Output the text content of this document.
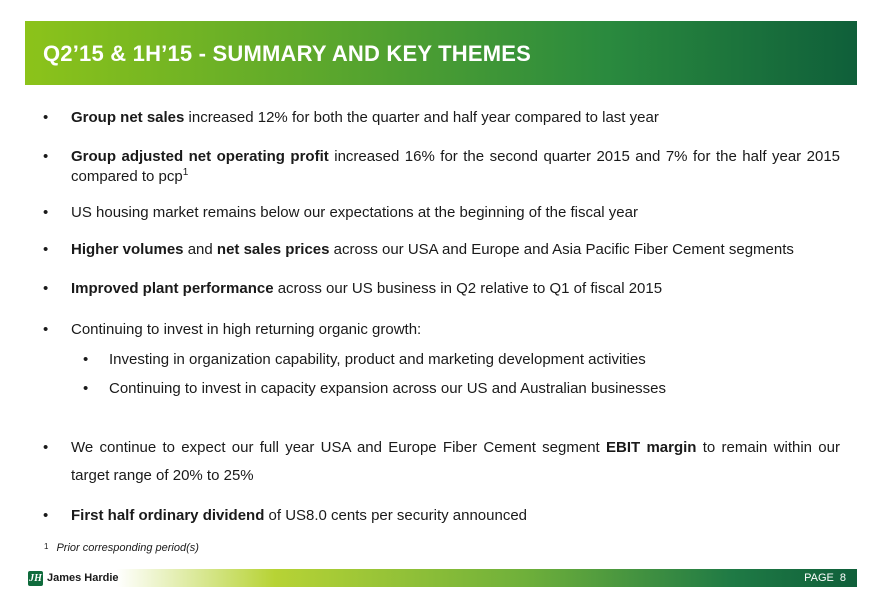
Q2’15 & 1H’15 - SUMMARY AND KEY THEMES
• Group net sales increased 12% for both the quarter and half year compared to last year
• Group adjusted net operating profit increased 16% for the second quarter 2015 and 7% for the half year 2015 compared to pcp$^1$
• US housing market remains below our expectations at the beginning of the fiscal year
• Higher volumes and net sales prices across our USA and Europe and Asia Pacific Fiber Cement segments
• Improved plant performance across our US business in Q2 relative to Q1 of fiscal 2015
• Continuing to invest in high returning organic growth:
• Investing in organization capability, product and marketing development activities
• Continuing to invest in capacity expansion across our US and Australian businesses
• We continue to expect our full year USA and Europe Fiber Cement segment EBIT margin to remain within our target range of 20% to 25%
• First half ordinary dividend of US8.0 cents per security announced
$^1$ Prior corresponding period(s)
JH James Hardie	PAGE 8
